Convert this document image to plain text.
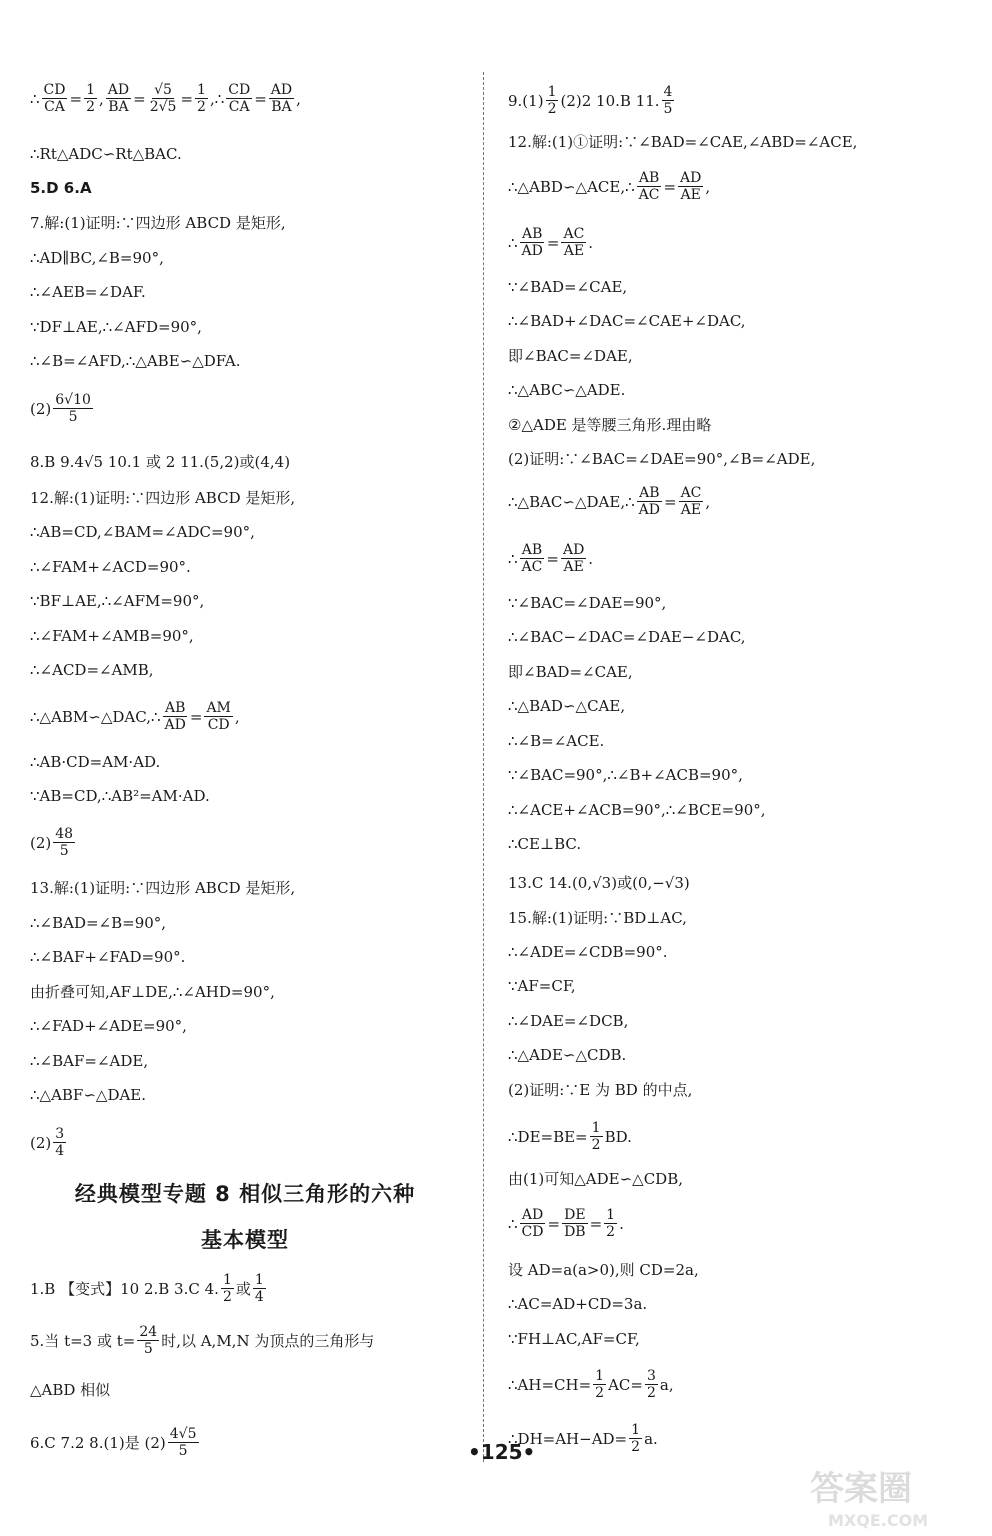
∴ $\frac{CD}{CA} = \frac{1}{2}$ , $\frac{AD}{BA} = \frac{√5}{2√5} = \frac{1}{2}$ ,∴ $\frac{CD}{CA} = \frac{AD}{BA}$ ,
∴Rt△ADC∽Rt△BAC.
5.D 6.A
7.解:(1)证明:∵四边形 ABCD 是矩形,
∴AD∥BC,∠B=90°,
∴∠AEB=∠DAF.
∵DF⊥AE,∴∠AFD=90°,
∴∠B=∠AFD,∴△ABE∽△DFA.
$(2) \frac{6√10}{5}$
8.B 9.4√5 10.1 或 2 11.(5,2)或(4,4)
12.解:(1)证明:∵四边形 ABCD 是矩形,
∴AB=CD,∠BAM=∠ADC=90°,
∴∠FAM+∠ACD=90°.
∵BF⊥AE,∴∠AFM=90°,
∴∠FAM+∠AMB=90°,
∴∠ACD=∠AMB,
∴△ABM∽△DAC,∴ $\frac{AB}{AD} = \frac{AM}{CD}$ ,
∴AB·CD=AM·AD.
∵AB=CD,∴AB²=AM·AD.
$(2) \frac{48}{5}$
13.解:(1)证明:∵四边形 ABCD 是矩形,
∴∠BAD=∠B=90°,
∴∠BAF+∠FAD=90°.
由折叠可知,AF⊥DE,∴∠AHD=90°,
∴∠FAD+∠ADE=90°,
∴∠BAF=∠ADE,
∴△ABF∽△DAE.
$(2) \frac{3}{4}$
1.B 【变式】10 2.B 3.C 4. $\frac{1}{2}$ 或 $\frac{1}{4}$
5.当 t=3 或 $t= \frac{24}{5}$ 时,以 A,M,N 为顶点的三角形与
△ABD 相似
6.C 7.2 8.(1)是 $(2) \frac{4√5}{5}$
$9.(1) \frac{1}{2} (2)2$ 10.B 11. $\frac{4}{5}$
12.解:(1)①证明:∵∠BAD=∠CAE,∠ABD=∠ACE,
∴△ABD∽△ACE,∴ $\frac{AB}{AC} = \frac{AD}{AE}$ ,
∴ $\frac{AB}{AD} = \frac{AC}{AE}$ .
∵∠BAD=∠CAE,
∴∠BAD+∠DAC=∠CAE+∠DAC,
即∠BAC=∠DAE,
∴△ABC∽△ADE.
②△ADE 是等腰三角形.理由略
(2)证明:∵∠BAC=∠DAE=90°,∠B=∠ADE,
∴△BAC∽△DAE,∴ $\frac{AB}{AD} = \frac{AC}{AE}$ ,
∴ $\frac{AB}{AC} = \frac{AD}{AE}$ .
∵∠BAC=∠DAE=90°,
∴∠BAC−∠DAC=∠DAE−∠DAC,
即∠BAD=∠CAE,
∴△BAD∽△CAE,
∴∠B=∠ACE.
∵∠BAC=90°,∴∠B+∠ACB=90°,
∴∠ACE+∠ACB=90°,∴∠BCE=90°,
∴CE⊥BC.
13.C 14.(0,√3)或(0,−√3)
15.解:(1)证明:∵BD⊥AC,
∴∠ADE=∠CDB=90°.
∵AF=CF,
∴∠DAE=∠DCB,
∴△ADE∽△CDB.
(2)证明:∵E 为 BD 的中点,
∴DE=BE= $\frac{1}{2}$ BD.
由(1)可知△ADE∽△CDB,
∴ $\frac{AD}{CD} = \frac{DE}{DB} = \frac{1}{2}$ .
设 AD=a(a>0),则 CD=2a,
∴AC=AD+CD=3a.
∵FH⊥AC,AF=CF,
∴AH=CH= $\frac{1}{2} AC= \frac{3}{2} a$,
∴DH=AH−AD= $\frac{1}{2} a$.
经典模型专题 8 相似三角形的六种
基本模型
•125•
答案圈
MXQE.COM
